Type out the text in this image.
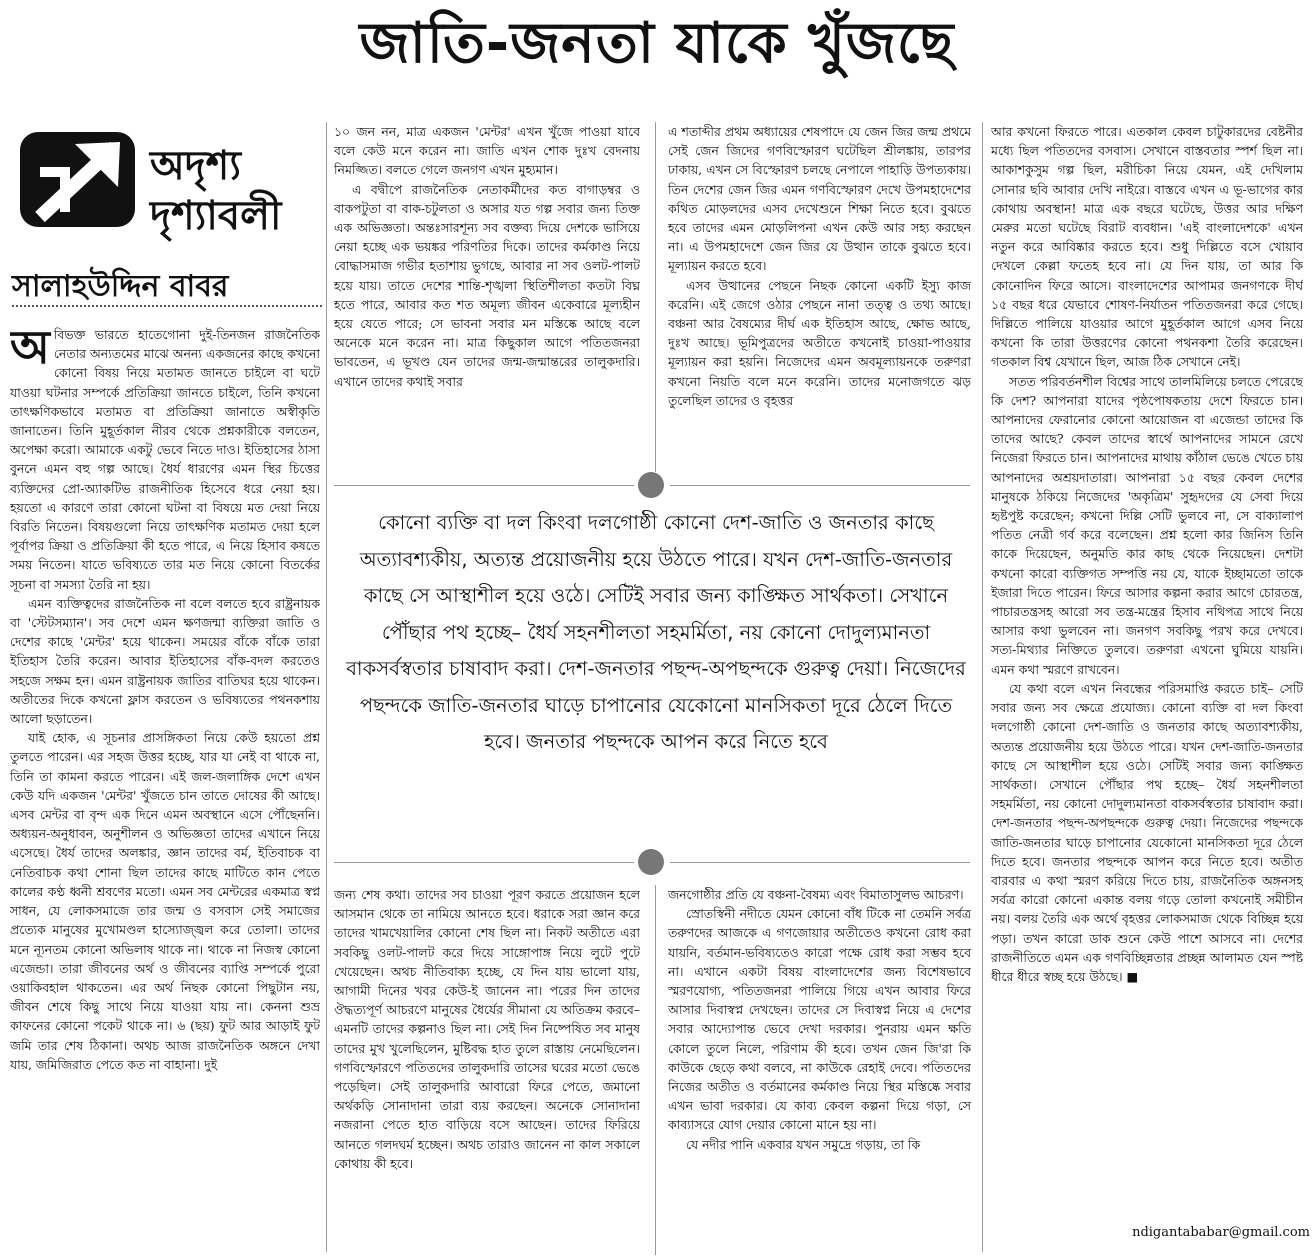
জাতি-জনতা যাকে খুঁজছে
অদৃশ্য
দৃশ্যাবলী
সালাহউদ্দিন বাবর

অবিভক্ত ভারতে হাতেগোনা দুই-তিনজন রাজনৈতিক নেতার অন্যতমের মাঝে অনন্য একজনের কাছে কখনো কোনো বিষয় নিয়ে মতামত জানতে চাইলে বা ঘটে যাওয়া ঘটনার সম্পর্কে প্রতিক্রিয়া জানতে চাইলে, তিনি কখনো তাৎক্ষণিকভাবে মতামত বা প্রতিক্রিয়া জানাতে অস্বীকৃতি জানাতেন। তিনি মুহূর্তকাল নীরব থেকে প্রশ্নকারীকে বলতেন, অপেক্ষা করো। আমাকে একটু ভেবে নিতে দাও। ইতিহাসের ঠাসা বুননে এমন বহু গল্প আছে। ধৈর্য ধারণের এমন স্থির চিত্তের ব্যক্তিদের প্রো-অ্যাকটিভ রাজনীতিক হিসেবে ধরে নেয়া হয়। হয়তো এ কারণে তারা কোনো ঘটনা বা বিষয়ে মত দেয়া নিয়ে বিরতি নিতেন। বিষয়গুলো নিয়ে তাৎক্ষণিক মতামত দেয়া হলে পূর্বাপর ক্রিয়া ও প্রতিক্রিয়া কী হতে পারে, এ নিয়ে হিসাব কষতে সময় নিতেন। যাতে ভবিষ্যতে তার মত নিয়ে কোনো বিতর্কের সূচনা বা সমস্যা তৈরি না হয়।

এমন ব্যক্তিত্বদের রাজনৈতিক না বলে বলতে হবে রাষ্ট্রনায়ক বা 'স্টেটসম্যান'। সব দেশে এমন ক্ষণজন্মা ব্যক্তিরা জাতি ও দেশের কাছে 'মেন্টর' হয়ে থাকেন। সময়ের বাঁকে বাঁকে তারা ইতিহাস তৈরি করেন। আবার ইতিহাসের বাঁক-বদল করতেও সহজে সক্ষম হন। এমন রাষ্ট্রনায়ক জাতির বাতিঘর হয়ে থাকেন। অতীতের দিকে কখনো ফ্লাস করতেন ও ভবিষ্যতের পথনকশায় আলো ছড়াতেন।

যাই হোক, এ সূচনার প্রাসঙ্গিকতা নিয়ে কেউ হয়তো প্রশ্ন তুলতে পারেন। এর সহজ উত্তর হচ্ছে, যার যা নেই বা থাকে না, তিনি তা কামনা করতে পারেন। এই জল-জলাঙ্গিক দেশে এখন কেউ যদি একজন 'মেন্টর' খুঁজতে চান তাতে দোষের কী আছে। এসব মেন্টর বা বৃন্দ এক দিনে এমন অবস্থানে এসে পৌঁছেননি। অধ্যয়ন-অনুধাবন, অনুশীলন ও অভিজ্ঞতা তাদের এখানে নিয়ে এসেছে। ধৈর্য তাদের অলঙ্কার, জ্ঞান তাদের বর্ম, ইতিবাচক বা নেতিবাচক কথা শোনা ছিল তাদের কাছে মাটিতে কান পেতে কালের কণ্ঠ ধ্বনী শ্রবণের মতো। এমন সব মেন্টরের একমাত্র স্বপ্ন সাধন, যে লোকসমাজে তার জন্ম ও বসবাস সেই সমাজের প্রত্যেক মানুষের মুখোমণ্ডল হাস্যোজ্জ্বল করে তোলা। তাদের মনে ন্যূনতম কোনো অভিলাষ থাকে না। থাকে না নিজস্ব কোনো এজেন্ডা। তারা জীবনের অর্থ ও জীবনের ব্যাপ্তি সম্পর্কে পুরো ওয়াকিবহাল থাকতেন। এর অর্থ নিছক কোনো পিছুটান নয়, জীবন শেষে কিছু সাথে নিয়ে যাওয়া যায় না। কেননা শুভ্র কাফনের কোনো পকেট থাকে না। ৬ (ছয়) ফুট আর আড়াই ফুট জমি তার শেষ ঠিকানা। অথচ আজ রাজনৈতিক অঙ্গনে দেখা যায়, জমিজিরাত পেতে কত না বাহানা। দুই

১০ জন নন, মাত্র একজন 'মেন্টর' এখন খুঁজে পাওয়া যাবে বলে কেউ মনে করেন না। জাতি এখন শোক দুঃখ বেদনায় নিমজ্জিত। বলতে গেলে জনগণ এখন মুহ্যমান।

এ বদ্বীপে রাজনৈতিক নেতাকর্মীদের কত বাগাড়ম্বর ও বাকপটুতা বা বাক-চটুলতা ও অসার যত গল্প সবার জন্য তিক্ত এক অভিজ্ঞতা। অন্তঃসারশূন্য সব বক্তব্য দিয়ে দেশকে ভাসিয়ে নেয়া হচ্ছে এক ভয়ঙ্কর পরিণতির দিকে। তাদের কর্মকাণ্ড নিয়ে বোদ্ধাসমাজ গভীর হতাশায় ভুগছে, আবার না সব ওলট-পালট হয়ে যায়। তাতে দেশের শান্তি-শৃঙ্খলা স্থিতিশীলতা কতটা বিঘ্ন হতে পারে, আবার কত শত অমূল্য জীবন একেবারে মূল্যহীন হয়ে যেতে পারে; সে ভাবনা সবার মন মস্তিষ্কে আছে বলে অনেকে মনে করেন না। মাত্র কিছুকাল আগে পতিতজনরা ভাবতেন, এ ভূখণ্ড যেন তাদের জন্ম-জন্মান্তরের তালুকদারি। এখানে তাদের কথাই সবার

এ শতাব্দীর প্রথম অধ্যায়ের শেষপাদে যে জেন জির জন্ম প্রথমে সেই জেন জিদের গণবিস্ফোরণ ঘটেছিল শ্রীলঙ্কায়, তারপর ঢাকায়, এখন সে বিস্ফোরণ চলছে নেপালে পাহাড়ি উপত্যকায়। তিন দেশের জেন জির এমন গণবিস্ফোরণ দেখে উপমহাদেশের কথিত মোড়লদের এসব দেখেশুনে শিক্ষা নিতে হবে। বুঝতে হবে তাদের এমন মোড়লিপনা এখন কেউ আর সহ্য করছেন না। এ উপমহাদেশে জেন জির যে উত্থান তাকে বুঝতে হবে। মূল্যায়ন করতে হবে।

এসব উত্থানের পেছনে নিছক কোনো একটি ইস্যু কাজ করেনি। এই জেগে ওঠার পেছনে নানা তত্ত্ব ও তথ্য আছে। বঞ্চনা আর বৈষম্যের দীর্ঘ এক ইতিহাস আছে, ক্ষোভ আছে, দুঃখ আছে। ভূমিপুত্রদের অতীতে কখনোই চাওয়া-পাওয়ার মূল্যায়ন করা হয়নি। নিজেদের এমন অবমূল্যায়নকে তরুণরা কখনো নিয়তি বলে মনে করেনি। তাদের মনোজগতে ঝড় তুলেছিল তাদের ও বৃহত্তর

আর কখনো ফিরতে পারে। এতকাল কেবল চাটুকারদের বেষ্টনীর মধ্যে ছিল পতিতদের বসবাস। সেখানে বাস্তবতার স্পর্শ ছিল না। আকাশকুসুম গল্প ছিল, মরীচিকা নিয়ে যেমন, এই দেখিলাম সোনার ছবি আবার দেখি নাইরে। বাস্তবে এখন এ ভূ-ভাগের কার কোথায় অবস্থান! মাত্র এক বছরে ঘটেছে, উত্তর আর দক্ষিণ মেরুর মতো ঘটেছে বিরাট ব্যবধান। 'এই বাংলাদেশকে' এখন নতুন করে আবিষ্কার করতে হবে। শুধু দিল্লিতে বসে খোয়াব দেখলে কেল্লা ফতেহ হবে না। যে দিন যায়, তা আর কি কোনোদিন ফিরে আসে। বাংলাদেশের আপামর জনগণকে দীর্ঘ ১৫ বছর ধরে যেভাবে শোষণ-নির্যাতন পতিতজনরা করে গেছে। দিল্লিতে পালিয়ে যাওয়ার আগে মুহূর্তকাল আগে এসব নিয়ে কখনো কি তারা উত্তরণের কোনো পথনকশা তৈরি করেছেন। গতকাল বিশ্ব যেখানে ছিল, আজ ঠিক সেখানে নেই।

সতত পরিবর্তনশীল বিশ্বের সাথে তালমিলিয়ে চলতে পেরেছে কি দেশ? আপনারা যাদের পৃষ্ঠপোষকতায় দেশে ফিরতে চান। আপনাদের ফেরানোর কোনো আয়োজন বা এজেন্ডা তাদের কি তাদের আছে? কেবল তাদের স্বার্থে আপনাদের সামনে রেখে নিজেরা ফিরতে চান। আপনাদের মাথায় কাঁঠাল ভেঙে খেতে চায় আপনাদের অশ্রয়দাতারা। আপনারা ১৫ বছর কেবল দেশের মানুষকে ঠকিয়ে নিজেদের 'অকৃত্রিম' সুহৃদদের যে সেবা দিয়ে হৃষ্টপুষ্ট করেছেন; কখনো দিল্লি সেটি ভুলবে না, সে বাক্যালাপ পতিত নেত্রী গর্ব করে বলেছেন। প্রশ্ন হলো কার জিনিস তিনি কাকে দিয়েছেন, অনুমতি কার কাছ থেকে নিয়েছেন। দেশটা কখনো কারো ব্যক্তিগত সম্পত্তি নয় যে, যাকে ইচ্ছামতো তাকে ইজারা দিতে পারেন। ফিরে আসার কল্পনা করার আগে চোরতন্ত্র, পাচারতন্ত্রসহ আরো সব তন্ত্র-মন্ত্রের হিসাব নথিপত্র সাথে নিয়ে আসার কথা ভুলবেন না। জনগণ সবকিছু পরখ করে দেখবে। সত্য-মিথ্যার নিক্তিতে তুলবে। তরুণরা এখনো ঘুমিয়ে যায়নি। এমন কথা স্মরণে রাখবেন।

যে কথা বলে এখন নিবন্ধের পরিসমাপ্তি করতে চাই– সেটি সবার জন্য সব ক্ষেত্রে প্রযোজ্য। কোনো ব্যক্তি বা দল কিংবা দলগোষ্ঠী কোনো দেশ-জাতি ও জনতার কাছে অত্যাবশ্যকীয়, অত্যন্ত প্রয়োজনীয় হয়ে উঠতে পারে। যখন দেশ-জাতি-জনতার কাছে সে আস্থাশীল হয়ে ওঠে। সেটিই সবার জন্য কাঙ্ক্ষিত সার্থকতা। সেখানে পৌঁছার পথ হচ্ছে– ধৈর্য সহনশীলতা সহমর্মিতা, নয় কোনো দোদুল্যমানতা বাকসর্বস্বতার চাষাবাদ করা। দেশ-জনতার পছন্দ-অপছন্দকে গুরুত্ব দেয়া। নিজেদের পছন্দকে জাতি-জনতার ঘাড়ে চাপানোর যেকোনো মানসিকতা দূরে ঠেলে দিতে হবে। জনতার পছন্দকে আপন করে নিতে হবে। অতীত বারবার এ কথা স্মরণ করিয়ে দিতে চায়, রাজনৈতিক অঙ্গনসহ সর্বত্র কারো কোনো একান্ত বলয় গড়ে তোলা কখনোই সমীচীন নয়। বলয় তৈরি এক অর্থে বৃহত্তর লোকসমাজ থেকে বিচ্ছিন্ন হয়ে পড়া। তখন কারো ডাক শুনে কেউ পাশে আসবে না। দেশের রাজনীতিতে এমন এক গণবিচ্ছিন্নতার প্রচ্ছন্ন আলামত যেন স্পষ্ট ধীরে ধীরে স্বচ্ছ হয়ে উঠছে। ■

কোনো ব্যক্তি বা দল কিংবা দলগোষ্ঠী কোনো দেশ-জাতি ও জনতার কাছে অত্যাবশ্যকীয়, অত্যন্ত প্রয়োজনীয় হয়ে উঠতে পারে। যখন দেশ-জাতি-জনতার কাছে সে আস্থাশীল হয়ে ওঠে। সেটিই সবার জন্য কাঙ্ক্ষিত সার্থকতা। সেখানে পৌঁছার পথ হচ্ছে– ধৈর্য সহনশীলতা সহমর্মিতা, নয় কোনো দোদুল্যমানতা বাকসর্বস্বতার চাষাবাদ করা। দেশ-জনতার পছন্দ-অপছন্দকে গুরুত্ব দেয়া। নিজেদের পছন্দকে জাতি-জনতার ঘাড়ে চাপানোর যেকোনো মানসিকতা দূরে ঠেলে দিতে হবে। জনতার পছন্দকে আপন করে নিতে হবে

জন্য শেষ কথা। তাদের সব চাওয়া পূরণ করতে প্রয়োজন হলে আসমান থেকে তা নামিয়ে আনতে হবে। ধরাকে সরা জ্ঞান করে তাদের খামখেয়ালির কোনো শেষ ছিল না। নিকট অতীতে এরা সবকিছু ওলট-পালট করে দিয়ে সাঙ্গোপাঙ্গ নিয়ে লুটে পুটে খেয়েছেন। অথচ নীতিবাক্য হচ্ছে, যে দিন যায় ভালো যায়, আগামী দিনের খবর কেউ-ই জানেন না। পরের দিন তাদের ঔদ্ধত্যপূর্ণ আচরণে মানুষের ধৈর্যের সীমানা যে অতিক্রম করবে– এমনটি তাদের কল্পনাও ছিল না। সেই দিন নিষ্পেষিত সব মানুষ তাদের মুখ খুলেছিলেন, মুষ্টিবদ্ধ হাত তুলে রাস্তায় নেমেছিলেন। গণবিস্ফোরণে পতিতদের তালুকদারি তাসের ঘরের মতো ভেঙে পড়েছিল। সেই তালুকদারি আবারো ফিরে পেতে, জমানো অর্থকড়ি সোনাদানা তারা ব্যয় করছেন। অনেকে সোনাদানা নজরানা পেতে হাত বাড়িয়ে বসে আছেন। তাদের ফিরিয়ে আনতে গলদঘর্ম হচ্ছেন। অথচ তারাও জানেন না কাল সকালে কোথায় কী হবে।

জনগোষ্ঠীর প্রতি যে বঞ্চনা-বৈষম্য এবং বিমাতাসুলভ আচরণ।

স্রোতস্বিনী নদীতে যেমন কোনো বাঁধ টিকে না তেমনি সর্বত্র তরুণদের আজকে এ গণজোয়ার অতীতেও কখনো রোধ করা যায়নি, বর্তমান-ভবিষ্যতেও কারো পক্ষে রোধ করা সম্ভব হবে না। এখানে একটা বিষয় বাংলাদেশের জন্য বিশেষভাবে স্মরণযোগ্য, পতিতজনরা পালিয়ে গিয়ে এখন আবার ফিরে আসার দিবাস্বপ্ন দেখছেন। তাদের সে দিবাস্বপ্ন নিয়ে এ দেশের সবার আদ্যোপান্ত ভেবে দেখা দরকার। পুনরায় এমন ক্ষতি কোলে তুলে নিলে, পরিণাম কী হবে। তখন জেন জি'রা কি কাউকে ছেড়ে কথা বলবে, না কাউকে রেহাই দেবে। পতিতদের নিজের অতীত ও বর্তমানের কর্মকাণ্ড নিয়ে স্থির মস্তিষ্কে সবার এখন ভাবা দরকার। যে কাব্য কেবল কল্পনা দিয়ে গড়া, সে কাব্যাসরে যোগ দেয়ার কোনো মানে হয় না।

যে নদীর পানি একবার যখন সমুদ্রে গড়ায়, তা কি

ndigantababar@gmail.com
